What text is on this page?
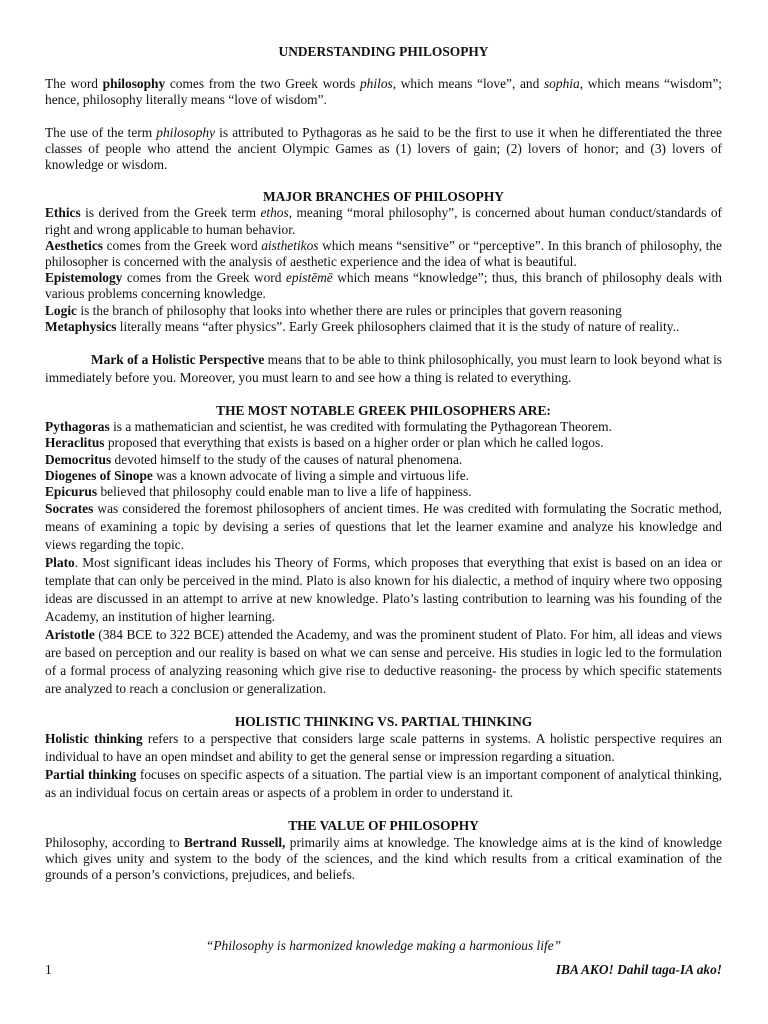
UNDERSTANDING PHILOSOPHY

The word philosophy comes from the two Greek words philos, which means “love”, and sophia, which means “wisdom”; hence, philosophy literally means “love of wisdom”.

The use of the term philosophy is attributed to Pythagoras as he said to be the first to use it when he differentiated the three classes of people who attend the ancient Olympic Games as (1) lovers of gain; (2) lovers of honor; and (3) lovers of knowledge or wisdom.

MAJOR BRANCHES OF PHILOSOPHY

Ethics is derived from the Greek term ethos, meaning “moral philosophy”, is concerned about human conduct/standards of right and wrong applicable to human behavior.

Aesthetics comes from the Greek word aisthetikos which means “sensitive” or “perceptive”. In this branch of philosophy, the philosopher is concerned with the analysis of aesthetic experience and the idea of what is beautiful.

Epistemology comes from the Greek word epistēmē which means “knowledge”; thus, this branch of philosophy deals with various problems concerning knowledge.

Logic is the branch of philosophy that looks into whether there are rules or principles that govern reasoning

Metaphysics literally means “after physics”. Early Greek philosophers claimed that it is the study of nature of reality..

Mark of a Holistic Perspective means that to be able to think philosophically, you must learn to look beyond what is immediately before you. Moreover, you must learn to and see how a thing is related to everything.

THE MOST NOTABLE GREEK PHILOSOPHERS ARE:

Pythagoras is a mathematician and scientist, he was credited with formulating the Pythagorean Theorem.

Heraclitus proposed that everything that exists is based on a higher order or plan which he called logos.

Democritus devoted himself to the study of the causes of natural phenomena.

Diogenes of Sinope was a known advocate of living a simple and virtuous life.

Epicurus believed that philosophy could enable man to live a life of happiness.

Socrates was considered the foremost philosophers of ancient times. He was credited with formulating the Socratic method, means of examining a topic by devising a series of questions that let the learner examine and analyze his knowledge and views regarding the topic.

Plato. Most significant ideas includes his Theory of Forms, which proposes that everything that exist is based on an idea or template that can only be perceived in the mind. Plato is also known for his dialectic, a method of inquiry where two opposing ideas are discussed in an attempt to arrive at new knowledge. Plato’s lasting contribution to learning was his founding of the Academy, an institution of higher learning.

Aristotle (384 BCE to 322 BCE) attended the Academy, and was the prominent student of Plato. For him, all ideas and views are based on perception and our reality is based on what we can sense and perceive. His studies in logic led to the formulation of a formal process of analyzing reasoning which give rise to deductive reasoning- the process by which specific statements are analyzed to reach a conclusion or generalization.

HOLISTIC THINKING VS. PARTIAL THINKING

Holistic thinking refers to a perspective that considers large scale patterns in systems. A holistic perspective requires an individual to have an open mindset and ability to get the general sense or impression regarding a situation.

Partial thinking focuses on specific aspects of a situation. The partial view is an important component of analytical thinking, as an individual focus on certain areas or aspects of a problem in order to understand it.

THE VALUE OF PHILOSOPHY

Philosophy, according to Bertrand Russell, primarily aims at knowledge. The knowledge aims at is the kind of knowledge which gives unity and system to the body of the sciences, and the kind which results from a critical examination of the grounds of a person’s convictions, prejudices, and beliefs.

“Philosophy is harmonized knowledge making a harmonious life”

1	IBA AKO! Dahil taga-IA ako!
